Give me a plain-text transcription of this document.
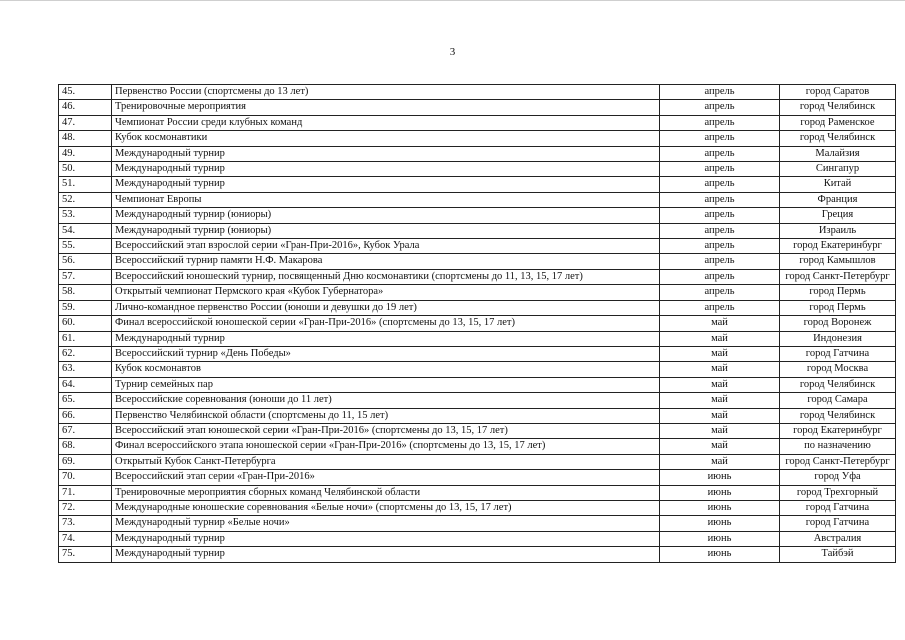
3
45.	Первенство России (спортсмены до 13 лет)	апрель	город Саратов
46.	Тренировочные мероприятия	апрель	город Челябинск
47.	Чемпионат России среди клубных команд	апрель	город Раменское
48.	Кубок космонавтики	апрель	город Челябинск
49.	Международный турнир	апрель	Малайзия
50.	Международный турнир	апрель	Сингапур
51.	Международный турнир	апрель	Китай
52.	Чемпионат Европы	апрель	Франция
53.	Международный турнир (юниоры)	апрель	Греция
54.	Международный турнир (юниоры)	апрель	Израиль
55.	Всероссийский этап взрослой серии «Гран-При-2016», Кубок Урала	апрель	город Екатеринбург
56.	Всероссийский турнир памяти Н.Ф. Макарова	апрель	город Камышлов
57.	Всероссийский юношеский турнир, посвященный Дню космонавтики (спортсмены до 11, 13, 15, 17 лет)	апрель	город Санкт-Петербург
58.	Открытый чемпионат Пермского края «Кубок Губернатора»	апрель	город Пермь
59.	Лично-командное первенство России (юноши и девушки до 19 лет)	апрель	город Пермь
60.	Финал всероссийской юношеской серии «Гран-При-2016» (спортсмены до 13, 15, 17 лет)	май	город Воронеж
61.	Международный турнир	май	Индонезия
62.	Всероссийский турнир «День Победы»	май	город Гатчина
63.	Кубок космонавтов	май	город Москва
64.	Турнир семейных пар	май	город Челябинск
65.	Всероссийские соревнования (юноши до 11 лет)	май	город Самара
66.	Первенство Челябинской области (спортсмены до 11, 15 лет)	май	город Челябинск
67.	Всероссийский этап юношеской серии «Гран-При-2016» (спортсмены до 13, 15, 17 лет)	май	город Екатеринбург
68.	Финал всероссийского этапа юношеской серии «Гран-При-2016» (спортсмены до 13, 15, 17 лет)	май	по назначению
69.	Открытый Кубок Санкт-Петербурга	май	город Санкт-Петербург
70.	Всероссийский этап серии «Гран-При-2016»	июнь	город Уфа
71.	Тренировочные мероприятия сборных команд Челябинской области	июнь	город Трехгорный
72.	Международные юношеские соревнования «Белые ночи» (спортсмены до 13, 15, 17 лет)	июнь	город Гатчина
73.	Международный турнир «Белые ночи»	июнь	город Гатчина
74.	Международный турнир	июнь	Австралия
75.	Международный турнир	июнь	Тайбэй
